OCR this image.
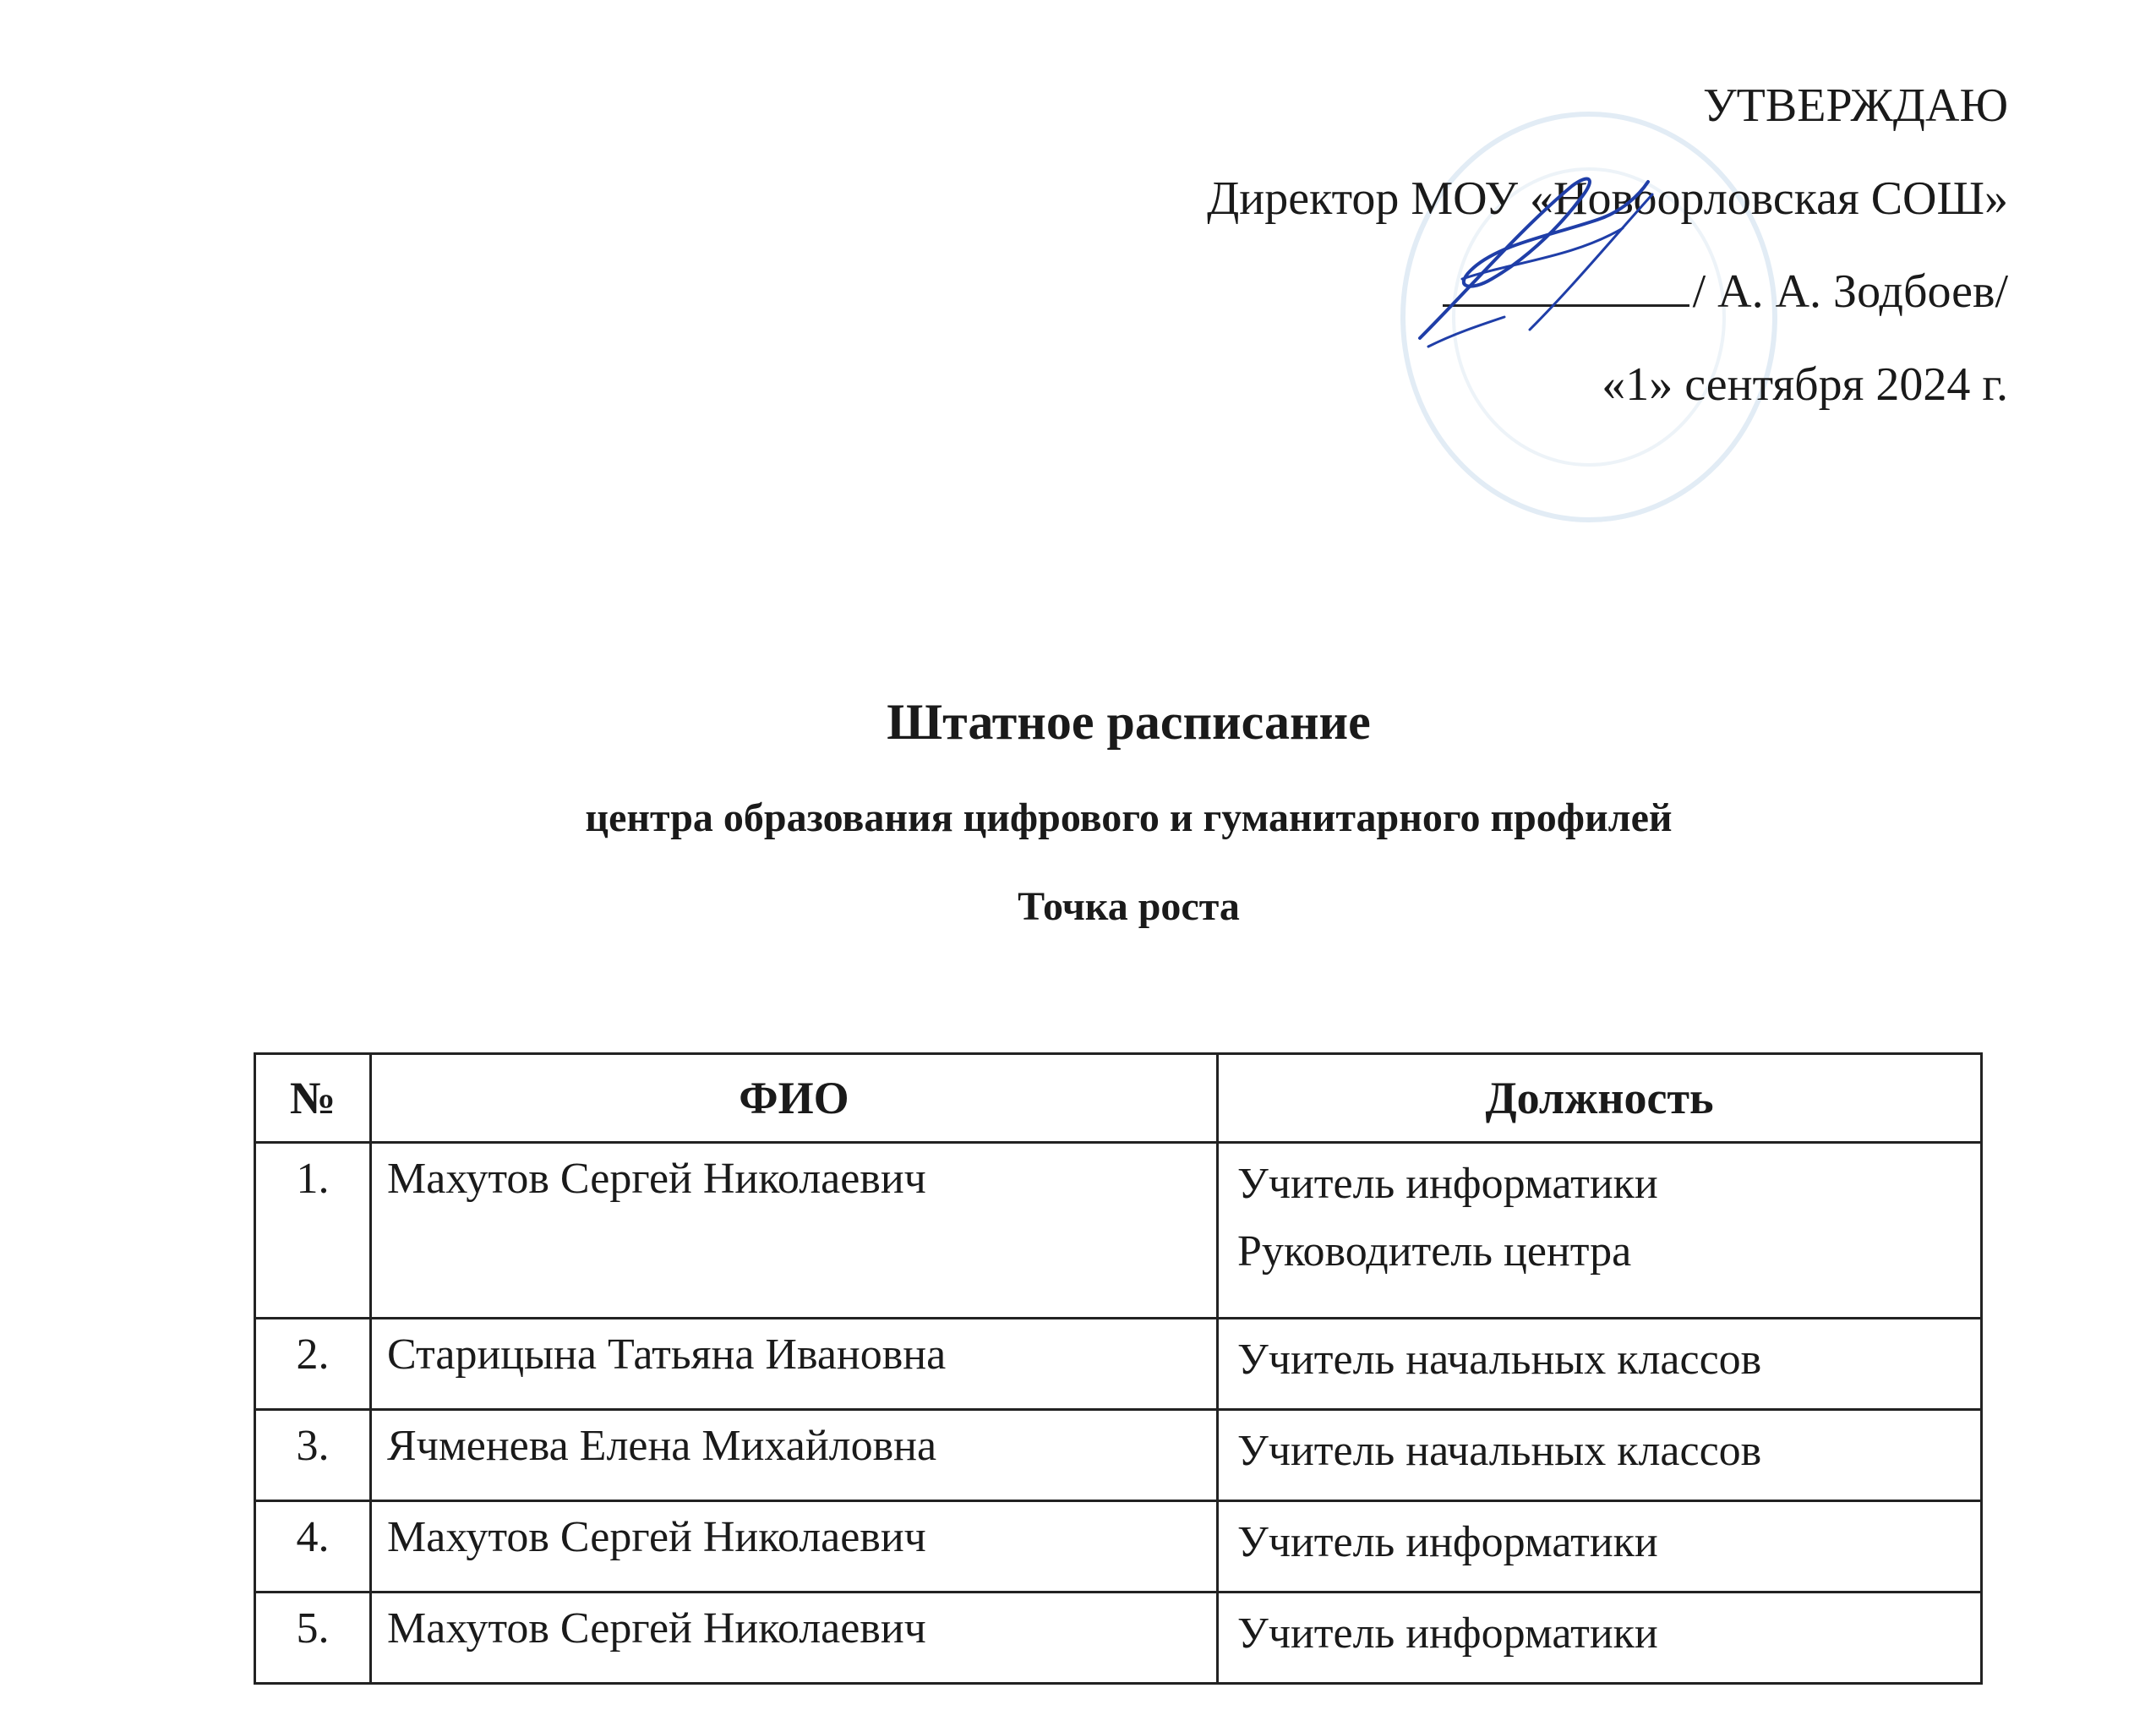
УТВЕРЖДАЮ
Директор МОУ «Новоорловская СОШ»
/ А. А. Зодбоев/
«1» сентября 2024 г.
Штатное расписание
центра образования цифрового и гуманитарного профилей
Точка роста
№	ФИО	Должность
1.	Махутов Сергей Николаевич	Учитель информатики
Руководитель центра

2.	Старицына Татьяна Ивановна	Учитель начальных классов

3.	Ячменева Елена Михайловна	Учитель начальных классов

4.	Махутов Сергей Николаевич	Учитель информатики

5.	Махутов Сергей Николаевич	Учитель информатики
